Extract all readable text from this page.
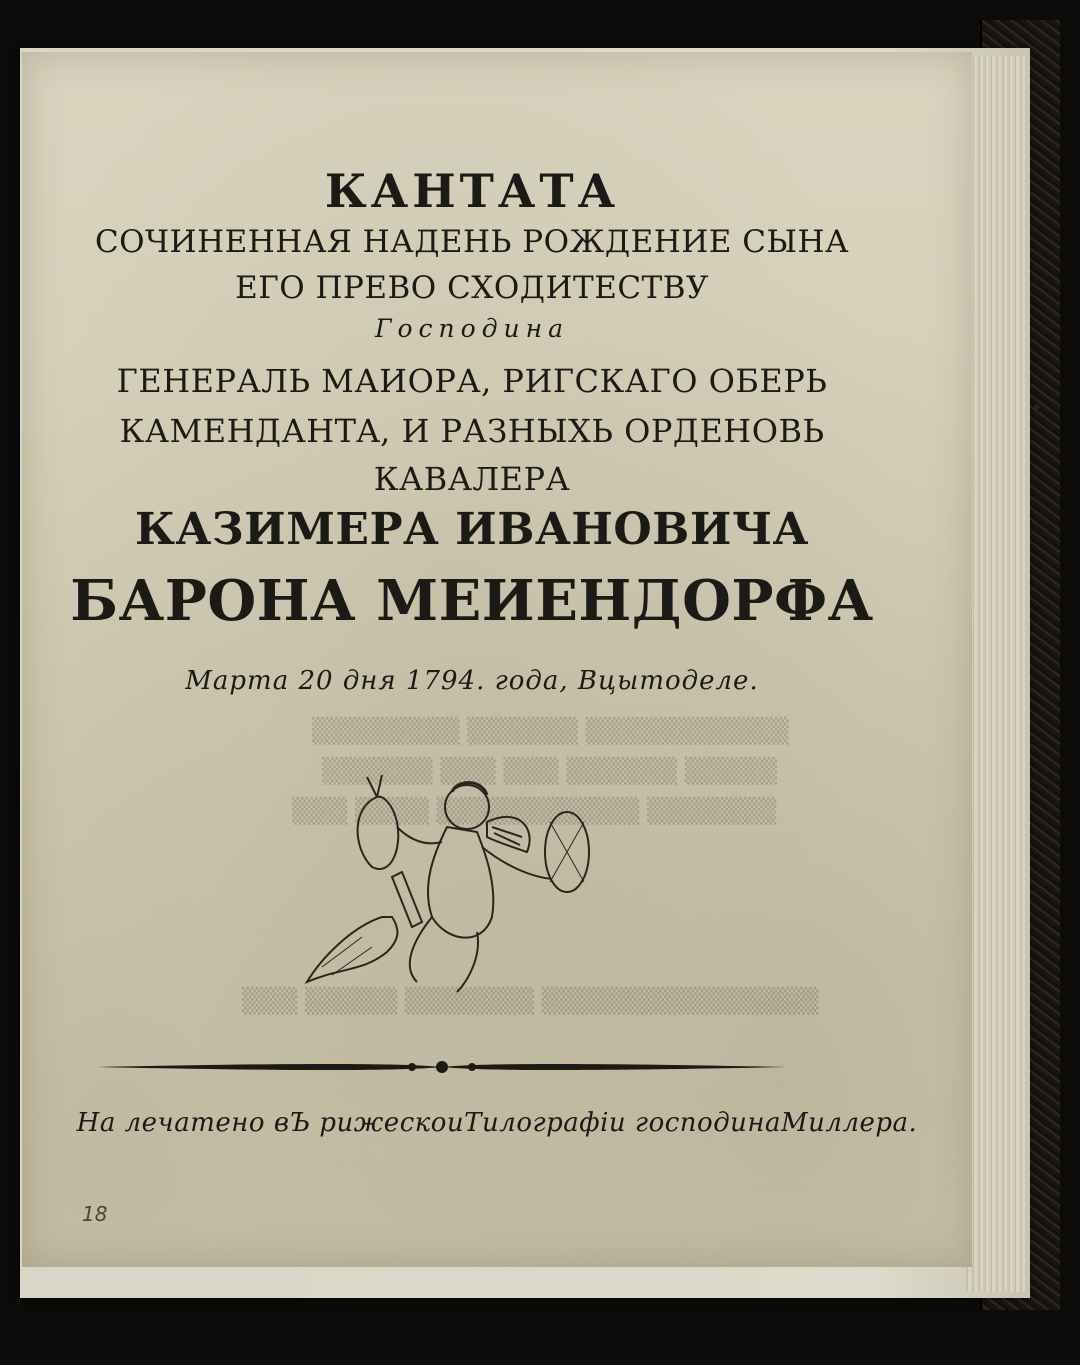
▒▒▒▒▒▒▒▒ ▒▒▒▒▒▒ ▒▒▒▒▒▒▒▒▒▒▒
▒▒▒▒▒▒ ▒▒▒ ▒▒▒ ▒▒▒▒▒▒ ▒▒▒▒▒
▒▒▒ ▒▒▒▒ ▒▒▒▒▒▒▒▒▒▒▒ ▒▒▒▒▒▒▒
▒▒▒ ▒▒▒▒▒ ▒▒▒▒▒▒▒ ▒▒▒▒▒▒▒▒▒▒▒▒▒▒▒
КАНТАТА
СОЧИНЕННАЯ НАДЕНЬ РОЖДЕНИЕ СЫНА
ЕГО ПРЕВО СХОДИТЕСТВУ
Господина
ГЕНЕРАЛЬ МАИОРА, РИГСКАГО ОБЕРЬ
КАМЕНДАНТA, И РАЗНЫХЬ ОРДЕНОВЬ
КАВАЛЕРА
КАЗИМЕРА ИВАНОВИЧА
БАРОНА МЕИЕНДОРФА
Марта 20 дня 1794. года, Вцытоделе.
На лечатено вЪ рижескоиТилографіи господинаМиллера.
18
